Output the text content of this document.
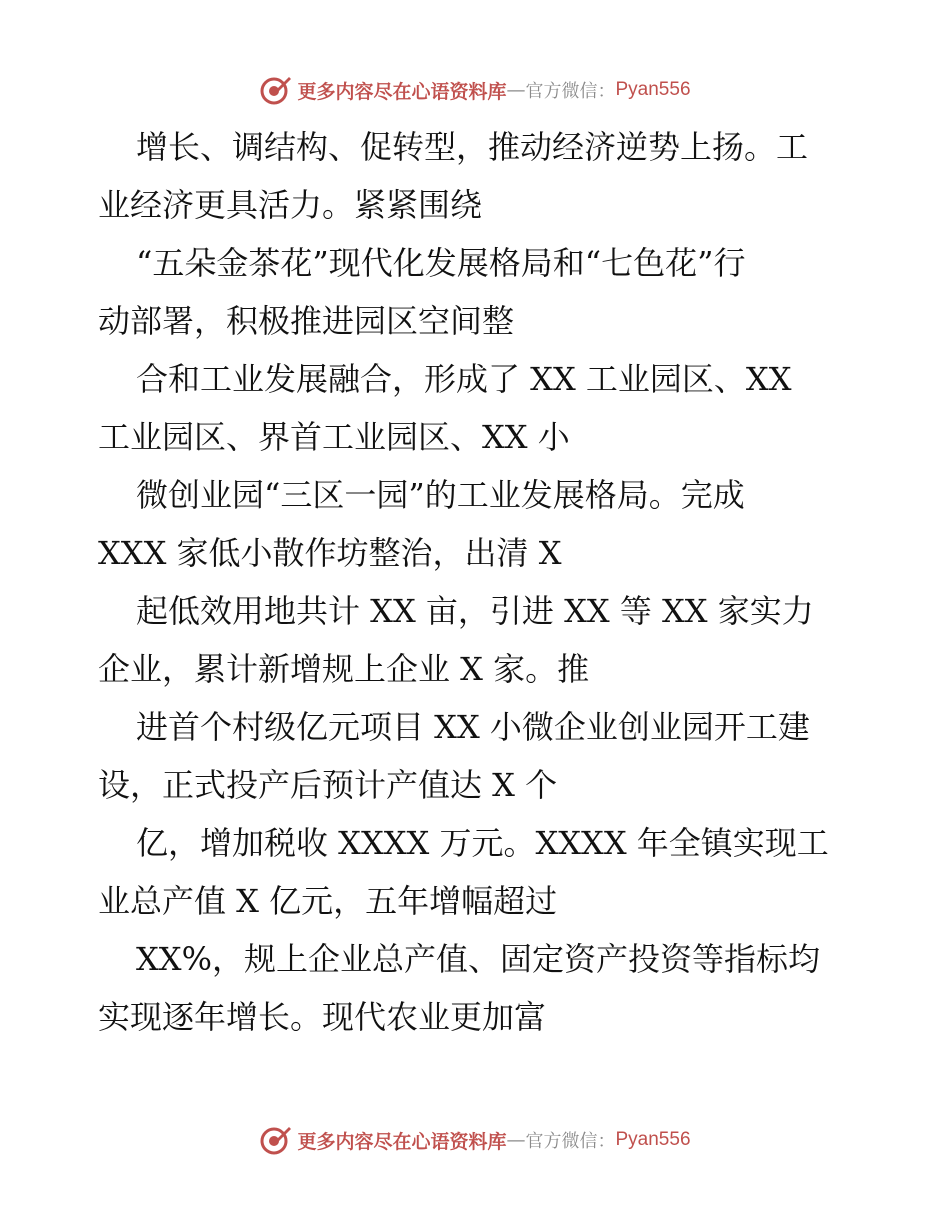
更多内容尽在心语资料库 — 官方微信： Pyan556
增长、调结构、促转型，推动经济逆势上扬。工
业经济更具活力。紧紧围绕
“五朵金茶花”现代化发展格局和“七色花”行
动部署，积极推进园区空间整
合和工业发展融合，形成了 XX 工业园区、XX
工业园区、界首工业园区、XX 小
微创业园“三区一园”的工业发展格局。完成
XXX 家低小散作坊整治，出清 X
起低效用地共计 XX 亩，引进 XX 等 XX 家实力
企业，累计新增规上企业 X 家。推
进首个村级亿元项目 XX 小微企业创业园开工建
设，正式投产后预计产值达 X 个
亿，增加税收 XXXX 万元。XXXX 年全镇实现工
业总产值 X 亿元，五年增幅超过
XX%，规上企业总产值、固定资产投资等指标均
实现逐年增长。现代农业更加富
更多内容尽在心语资料库 — 官方微信： Pyan556
